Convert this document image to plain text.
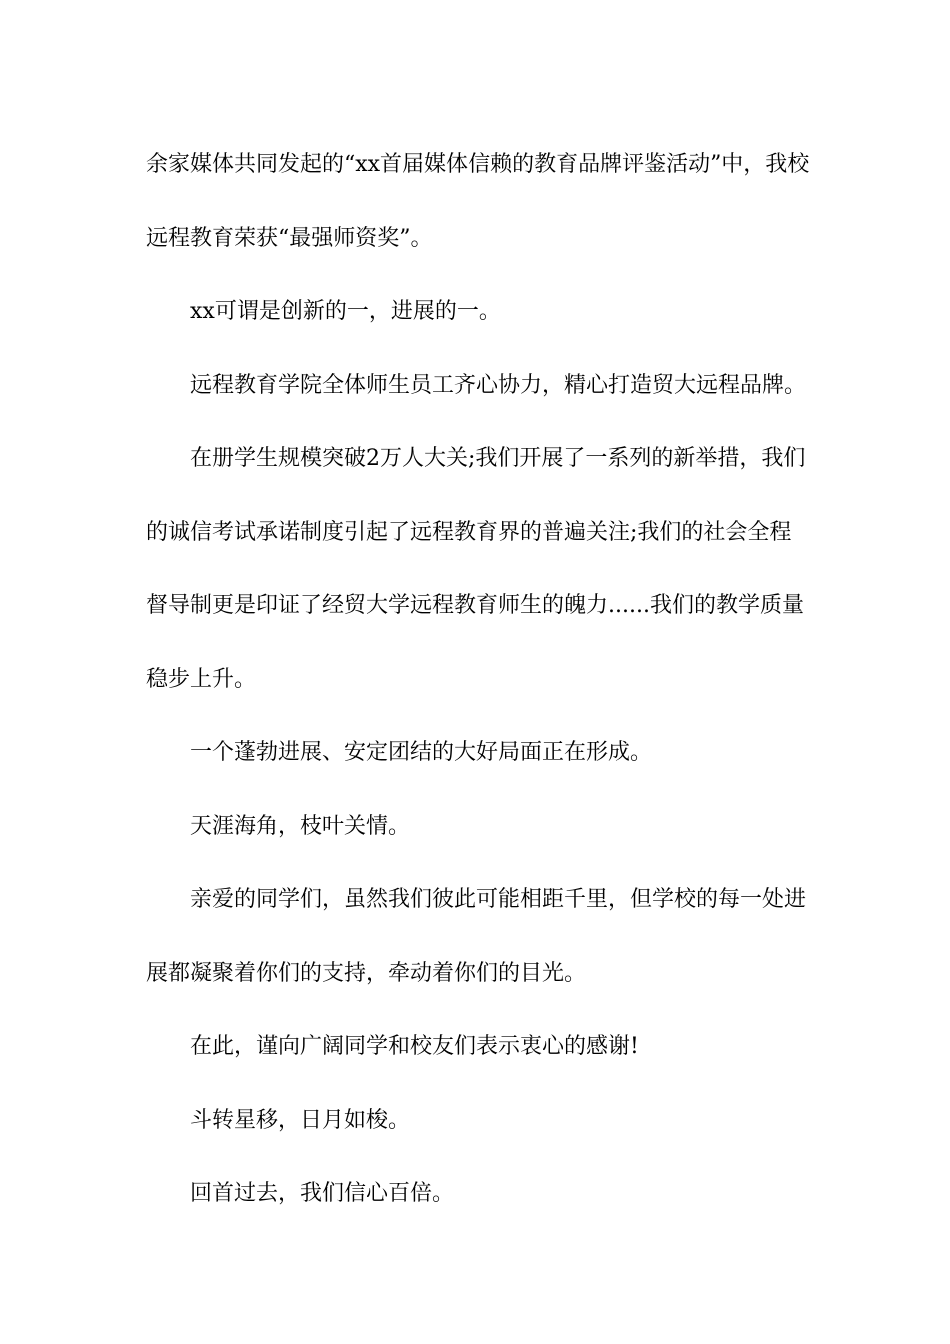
余家媒体共同发起的“xx首届媒体信赖的教育品牌评鉴活动”中，我校远程教育荣获“最强师资奖”。

xx可谓是创新的一，进展的一。

远程教育学院全体师生员工齐心协力，精心打造贸大远程品牌。

在册学生规模突破2万人大关;我们开展了一系列的新举措，我们的诚信考试承诺制度引起了远程教育界的普遍关注;我们的社会全程督导制更是印证了经贸大学远程教育师生的魄力......我们的教学质量稳步上升。

一个蓬勃进展、安定团结的大好局面正在形成。

天涯海角，枝叶关情。

亲爱的同学们，虽然我们彼此可能相距千里，但学校的每一处进展都凝聚着你们的支持，牵动着你们的目光。

在此，谨向广阔同学和校友们表示衷心的感谢!

斗转星移，日月如梭。

回首过去，我们信心百倍。
